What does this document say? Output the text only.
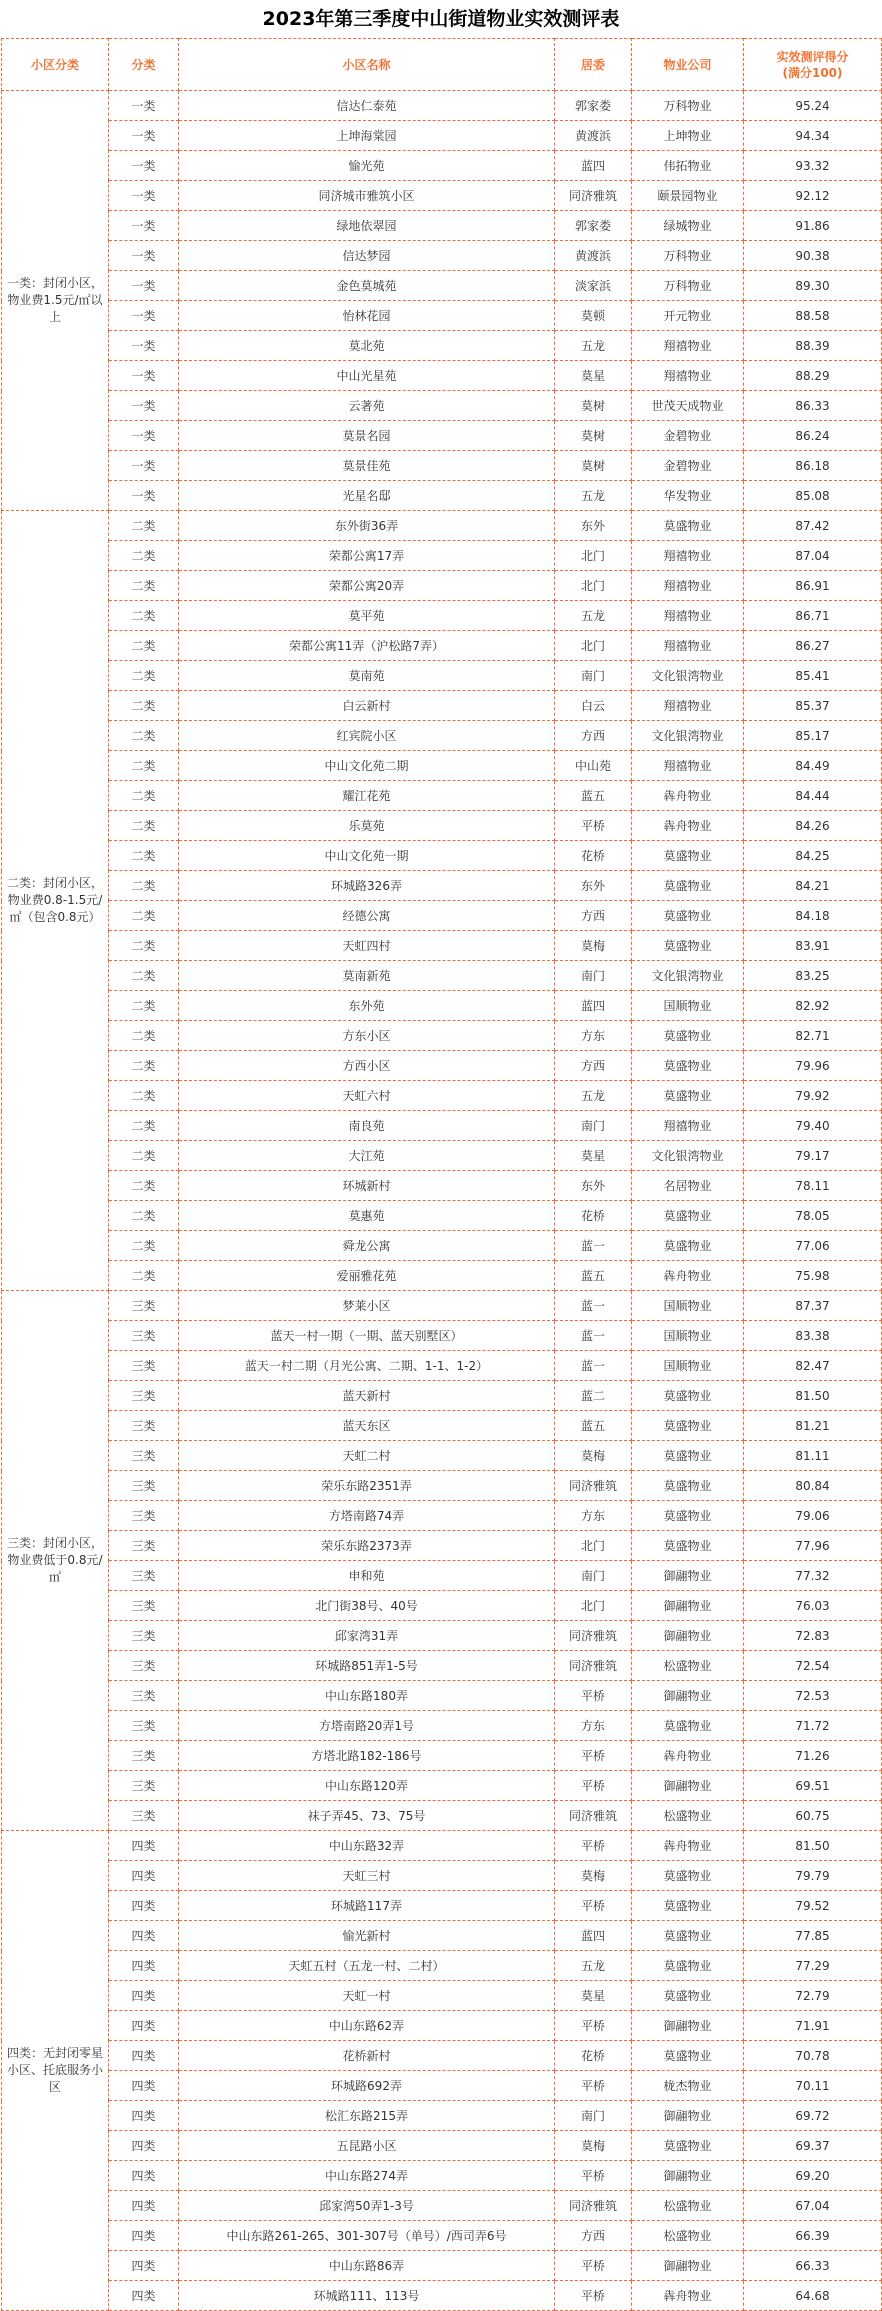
2023年第三季度中山街道物业实效测评表
小区分类	分类	小区名称	居委	物业公司	实效测评得分
(满分100)
一类：封闭小区，物业费1.5元/㎡以上	一类	信达仁泰苑	郭家娄	万科物业	95.24
	一类	上坤海棠园	黄渡浜	上坤物业	94.34
	一类	愉光苑	蓝四	伟拓物业	93.32
	一类	同济城市雅筑小区	同济雅筑	颐景园物业	92.12
	一类	绿地依翠园	郭家娄	绿城物业	91.86
	一类	信达梦园	黄渡浜	万科物业	90.38
	一类	金色莫城苑	淡家浜	万科物业	89.30
	一类	怡林花园	莫顿	开元物业	88.58
	一类	莫北苑	五龙	翔禧物业	88.39
	一类	中山光星苑	莫星	翔禧物业	88.29
	一类	云著苑	莫树	世茂天成物业	86.33
	一类	莫景名园	莫树	金碧物业	86.24
	一类	莫景佳苑	莫树	金碧物业	86.18
	一类	光星名邸	五龙	华发物业	85.08
二类：封闭小区，物业费0.8-1.5元/㎡（包含0.8元）	二类	东外街36弄	东外	莫盛物业	87.42
	二类	荣都公寓17弄	北门	翔禧物业	87.04
	二类	荣都公寓20弄	北门	翔禧物业	86.91
	二类	莫平苑	五龙	翔禧物业	86.71
	二类	荣都公寓11弄（沪松路7弄）	北门	翔禧物业	86.27
	二类	莫南苑	南门	文化银湾物业	85.41
	二类	白云新村	白云	翔禧物业	85.37
	二类	红宾院小区	方西	文化银湾物业	85.17
	二类	中山文化苑二期	中山苑	翔禧物业	84.49
	二类	耀江花苑	蓝五	犇舟物业	84.44
	二类	乐莫苑	平桥	犇舟物业	84.26
	二类	中山文化苑一期	花桥	莫盛物业	84.25
	二类	环城路326弄	东外	莫盛物业	84.21
	二类	经德公寓	方西	莫盛物业	84.18
	二类	天虹四村	莫梅	莫盛物业	83.91
	二类	莫南新苑	南门	文化银湾物业	83.25
	二类	东外苑	蓝四	国顺物业	82.92
	二类	方东小区	方东	莫盛物业	82.71
	二类	方西小区	方西	莫盛物业	79.96
	二类	天虹六村	五龙	莫盛物业	79.92
	二类	南良苑	南门	翔禧物业	79.40
	二类	大江苑	莫星	文化银湾物业	79.17
	二类	环城新村	东外	名居物业	78.11
	二类	莫惠苑	花桥	莫盛物业	78.05
	二类	舜龙公寓	蓝一	莫盛物业	77.06
	二类	爱丽雅花苑	蓝五	犇舟物业	75.98
三类：封闭小区，物业费低于0.8元/㎡	三类	梦莱小区	蓝一	国顺物业	87.37
	三类	蓝天一村一期（一期、蓝天别墅区）	蓝一	国顺物业	83.38
	三类	蓝天一村二期（月光公寓、二期、1-1、1-2）	蓝一	国顺物业	82.47
	三类	蓝天新村	蓝二	莫盛物业	81.50
	三类	蓝天东区	蓝五	莫盛物业	81.21
	三类	天虹二村	莫梅	莫盛物业	81.11
	三类	荣乐东路2351弄	同济雅筑	莫盛物业	80.84
	三类	方塔南路74弄	方东	莫盛物业	79.06
	三类	荣乐东路2373弄	北门	莫盛物业	77.96
	三类	申和苑	南门	御翮物业	77.32
	三类	北门街38号、40号	北门	御翮物业	76.03
	三类	邱家湾31弄	同济雅筑	御翮物业	72.83
	三类	环城路851弄1-5号	同济雅筑	松盛物业	72.54
	三类	中山东路180弄	平桥	御翮物业	72.53
	三类	方塔南路20弄1号	方东	莫盛物业	71.72
	三类	方塔北路182-186号	平桥	犇舟物业	71.26
	三类	中山东路120弄	平桥	御翮物业	69.51
	三类	袜子弄45、73、75号	同济雅筑	松盛物业	60.75
四类：无封闭零星小区、托底服务小区	四类	中山东路32弄	平桥	犇舟物业	81.50
	四类	天虹三村	莫梅	莫盛物业	79.79
	四类	环城路117弄	平桥	莫盛物业	79.52
	四类	愉光新村	蓝四	莫盛物业	77.85
	四类	天虹五村（五龙一村、二村）	五龙	莫盛物业	77.29
	四类	天虹一村	莫星	莫盛物业	72.79
	四类	中山东路62弄	平桥	御翮物业	71.91
	四类	花桥新村	花桥	莫盛物业	70.78
	四类	环城路692弄	平桥	栊杰物业	70.11
	四类	松汇东路215弄	南门	御翮物业	69.72
	四类	五昆路小区	莫梅	莫盛物业	69.37
	四类	中山东路274弄	平桥	御翮物业	69.20
	四类	邱家湾50弄1-3号	同济雅筑	松盛物业	67.04
	四类	中山东路261-265、301-307号（单号）/西司弄6号	方西	松盛物业	66.39
	四类	中山东路86弄	平桥	御翮物业	66.33
	四类	环城路111、113号	平桥	犇舟物业	64.68
